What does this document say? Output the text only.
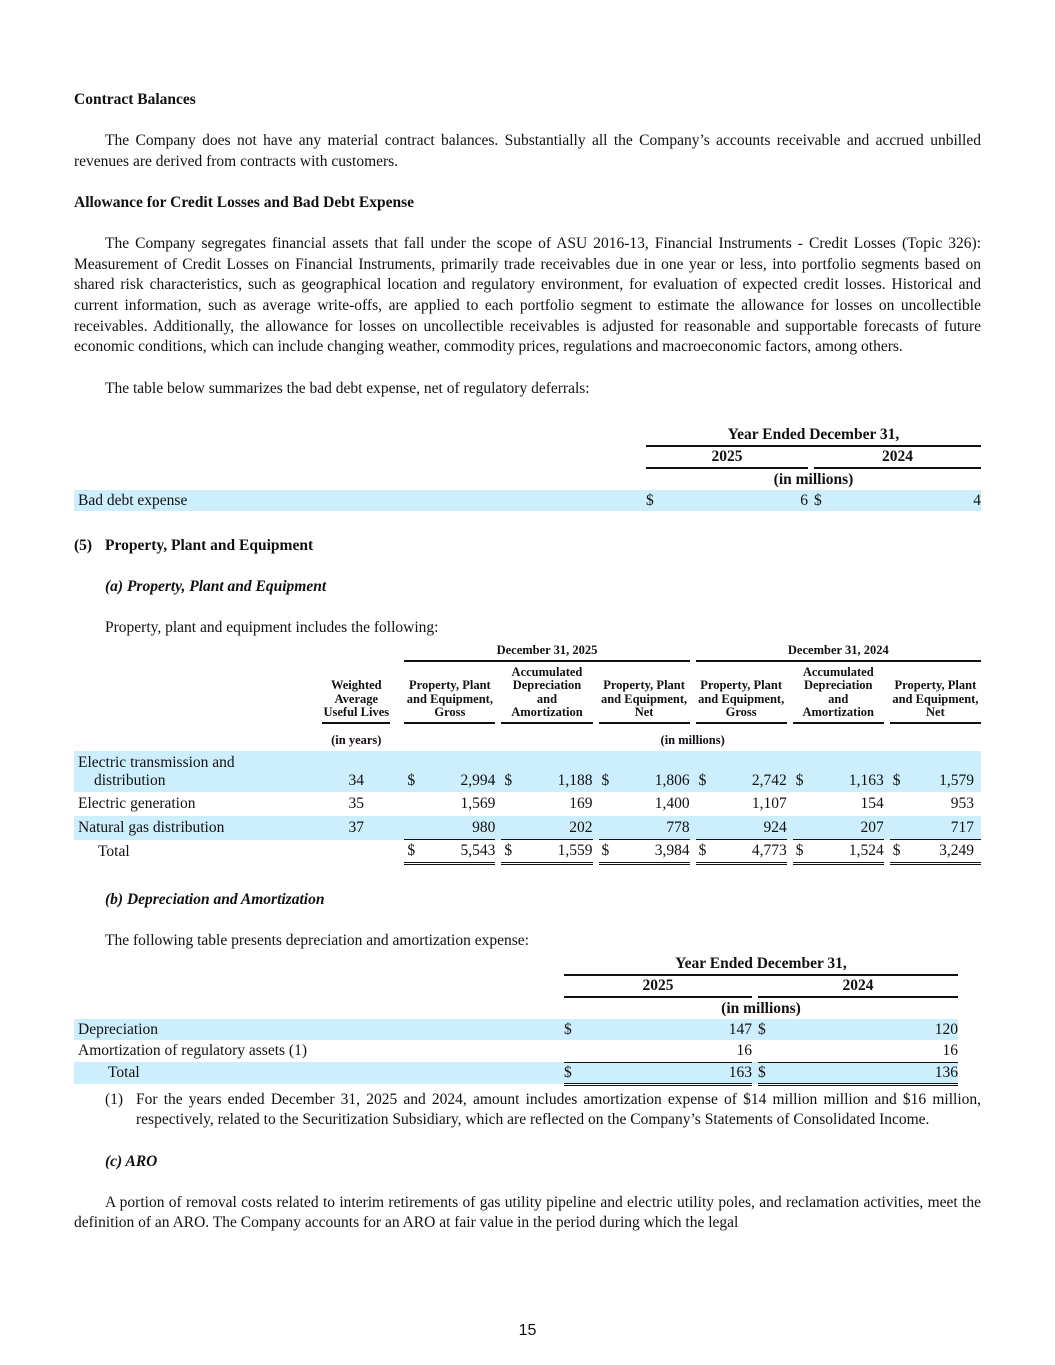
Contract Balances

The Company does not have any material contract balances. Substantially all the Company’s accounts receivable and accrued unbilled revenues are derived from contracts with customers.

Allowance for Credit Losses and Bad Debt Expense

The Company segregates financial assets that fall under the scope of ASU 2016-13, Financial Instruments - Credit Losses (Topic 326): Measurement of Credit Losses on Financial Instruments, primarily trade receivables due in one year or less, into portfolio segments based on shared risk characteristics, such as geographical location and regulatory environment, for evaluation of expected credit losses. Historical and current information, such as average write-offs, are applied to each portfolio segment to estimate the allowance for losses on uncollectible receivables. Additionally, the allowance for losses on uncollectible receivables is adjusted for reasonable and supportable forecasts of future economic conditions, which can include changing weather, commodity prices, regulations and macroeconomic factors, among others.

The table below summarizes the bad debt expense, net of regulatory deferrals:

	Year Ended December 31,				
	2025			2024	
	(in millions)				
Bad debt expense	$	6		$	4
(5) Property, Plant and Equipment
(a) Property, Plant and Equipment

Property, plant and equipment includes the following:

			December 31, 2025									December 31, 2024							
	Weighted Average Useful Lives		Property, Plant and Equipment, Gross			Accumulated Depreciation and Amortization			Property, Plant and Equipment, Net			Property, Plant and Equipment, Gross			Accumulated Depreciation and Amortization			Property, Plant and Equipment, Net	
	(in years)		(in millions)																

Electric transmission and
distribution	34		$	2,994		$	1,188		$	1,806		$	2,742		$	1,163		$	1,579
Electric generation	35			1,569			169			1,400			1,107			154			953
Natural gas distribution	37			980			202			778			924			207			717
Total			$	5,543		$	1,559		$	3,984		$	4,773		$	1,524		$	3,249
(b) Depreciation and Amortization

The following table presents depreciation and amortization expense:

	Year Ended December 31,				
	2025			2024	
	(in millions)				
Depreciation	$	147		$	120
Amortization of regulatory assets (1)		16			16
Total	$	163		$	136
(1) For the years ended December 31, 2025 and 2024, amount includes amortization expense of $14 million million and $16 million, respectively, related to the Securitization Subsidiary, which are reflected on the Company’s Statements of Consolidated Income.
(c) ARO

A portion of removal costs related to interim retirements of gas utility pipeline and electric utility poles, and reclamation activities, meet the definition of an ARO. The Company accounts for an ARO at fair value in the period during which the legal

15
